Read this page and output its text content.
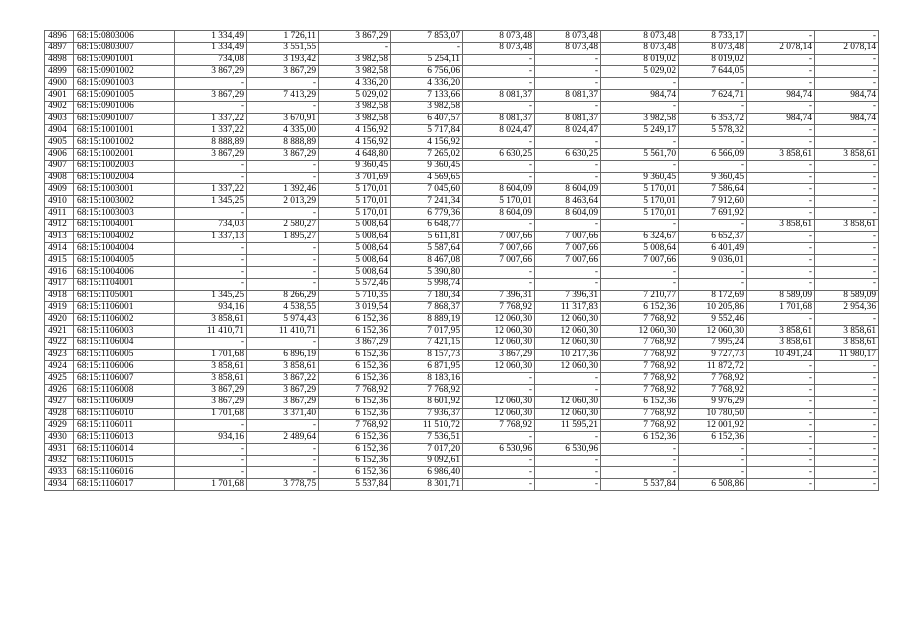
4896	68:15:0803006	1 334,49	1 726,11	3 867,29	7 853,07	8 073,48	8 073,48	8 073,48	8 733,17	-	-
4897	68:15:0803007	1 334,49	3 551,55	-	-	8 073,48	8 073,48	8 073,48	8 073,48	2 078,14	2 078,14
4898	68:15:0901001	734,08	3 193,42	3 982,58	5 254,11	-	-	8 019,02	8 019,02	-	-
4899	68:15:0901002	3 867,29	3 867,29	3 982,58	6 756,06	-	-	5 029,02	7 644,05	-	-
4900	68:15:0901003	-	-	4 336,20	4 336,20	-	-	-	-	-	-
4901	68:15:0901005	3 867,29	7 413,29	5 029,02	7 133,66	8 081,37	8 081,37	984,74	7 624,71	984,74	984,74
4902	68:15:0901006	-	-	3 982,58	3 982,58	-	-	-	-	-	-
4903	68:15:0901007	1 337,22	3 670,91	3 982,58	6 407,57	8 081,37	8 081,37	3 982,58	6 353,72	984,74	984,74
4904	68:15:1001001	1 337,22	4 335,00	4 156,92	5 717,84	8 024,47	8 024,47	5 249,17	5 578,32	-	-
4905	68:15:1001002	8 888,89	8 888,89	4 156,92	4 156,92	-	-	-	-	-	-
4906	68:15:1002001	3 867,29	3 867,29	4 648,80	7 265,02	6 630,25	6 630,25	5 561,70	6 566,09	3 858,61	3 858,61
4907	68:15:1002003	-	-	9 360,45	9 360,45	-	-	-	-	-	-
4908	68:15:1002004	-	-	3 701,69	4 569,65	-	-	9 360,45	9 360,45	-	-
4909	68:15:1003001	1 337,22	1 392,46	5 170,01	7 045,60	8 604,09	8 604,09	5 170,01	7 586,64	-	-
4910	68:15:1003002	1 345,25	2 013,29	5 170,01	7 241,34	5 170,01	8 463,64	5 170,01	7 912,60	-	-
4911	68:15:1003003	-	-	5 170,01	6 779,36	8 604,09	8 604,09	5 170,01	7 691,92	-	-
4912	68:15:1004001	734,03	2 580,27	5 008,64	6 648,77	-	-	-	-	3 858,61	3 858,61
4913	68:15:1004002	1 337,13	1 895,27	5 008,64	5 611,81	7 007,66	7 007,66	6 324,67	6 652,37	-	-
4914	68:15:1004004	-	-	5 008,64	5 587,64	7 007,66	7 007,66	5 008,64	6 401,49	-	-
4915	68:15:1004005	-	-	5 008,64	8 467,08	7 007,66	7 007,66	7 007,66	9 036,01	-	-
4916	68:15:1004006	-	-	5 008,64	5 390,80	-	-	-	-	-	-
4917	68:15:1104001	-	-	5 572,46	5 998,74	-	-	-	-	-	-
4918	68:15:1105001	1 345,25	8 266,29	5 710,35	7 180,34	7 396,31	7 396,31	7 210,77	8 172,69	8 589,09	8 589,09
4919	68:15:1106001	934,16	4 538,55	3 019,54	7 868,37	7 768,92	11 317,83	6 152,36	10 205,86	1 701,68	2 954,36
4920	68:15:1106002	3 858,61	5 974,43	6 152,36	8 889,19	12 060,30	12 060,30	7 768,92	9 552,46	-	-
4921	68:15:1106003	11 410,71	11 410,71	6 152,36	7 017,95	12 060,30	12 060,30	12 060,30	12 060,30	3 858,61	3 858,61
4922	68:15:1106004	-	-	3 867,29	7 421,15	12 060,30	12 060,30	7 768,92	7 995,24	3 858,61	3 858,61
4923	68:15:1106005	1 701,68	6 896,19	6 152,36	8 157,73	3 867,29	10 217,36	7 768,92	9 727,73	10 491,24	11 980,17
4924	68:15:1106006	3 858,61	3 858,61	6 152,36	6 871,95	12 060,30	12 060,30	7 768,92	11 872,72	-	-
4925	68:15:1106007	3 858,61	3 867,22	6 152,36	8 183,16	-	-	7 768,92	7 768,92	-	-
4926	68:15:1106008	3 867,29	3 867,29	7 768,92	7 768,92	-	-	7 768,92	7 768,92	-	-
4927	68:15:1106009	3 867,29	3 867,29	6 152,36	8 601,92	12 060,30	12 060,30	6 152,36	9 976,29	-	-
4928	68:15:1106010	1 701,68	3 371,40	6 152,36	7 936,37	12 060,30	12 060,30	7 768,92	10 780,50	-	-
4929	68:15:1106011	-	-	7 768,92	11 510,72	7 768,92	11 595,21	7 768,92	12 001,92	-	-
4930	68:15:1106013	934,16	2 489,64	6 152,36	7 536,51	-	-	6 152,36	6 152,36	-	-
4931	68:15:1106014	-	-	6 152,36	7 017,20	6 530,96	6 530,96	-	-	-	-
4932	68:15:1106015	-	-	6 152,36	9 092,61	-	-	-	-	-	-
4933	68:15:1106016	-	-	6 152,36	6 986,40	-	-	-	-	-	-
4934	68:15:1106017	1 701,68	3 778,75	5 537,84	8 301,71	-	-	5 537,84	6 508,86	-	-
